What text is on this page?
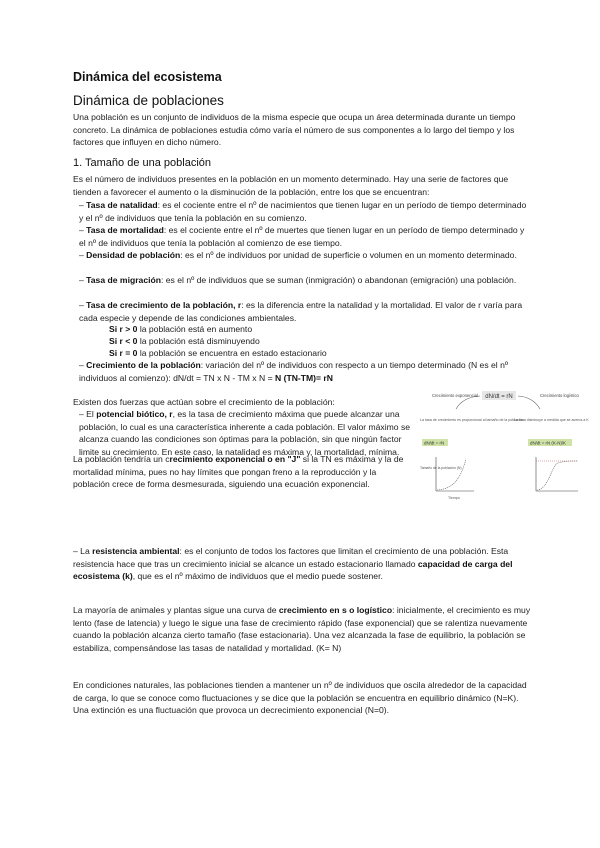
Dinámica del ecosistema
Dinámica de poblaciones
Una población es un conjunto de individuos de la misma especie que ocupa un área determinada durante un tiempo concreto. La dinámica de poblaciones estudia cómo varía el número de sus componentes a lo largo del tiempo y los factores que influyen en dicho número.
1. Tamaño de una población
Es el número de individuos presentes en la población en un momento determinado. Hay una serie de factores que tienden a favorecer el aumento o la disminución de la población, entre los que se encuentran:
‒ Tasa de natalidad: es el cociente entre el nº de nacimientos que tienen lugar en un período de tiempo determinado y el nº de individuos que tenía la población en su comienzo.
‒ Tasa de mortalidad: es el cociente entre el nº de muertes que tienen lugar en un período de tiempo determinado y el nº de individuos que tenía la población al comienzo de ese tiempo.
‒ Densidad de población: es el nº de individuos por unidad de superficie o volumen en un momento determinado.
‒ Tasa de migración: es el nº de individuos que se suman (inmigración) o abandonan (emigración) una población.
‒ Tasa de crecimiento de la población, r: es la diferencia entre la natalidad y la mortalidad. El valor de r varía para cada especie y depende de las condiciones ambientales.
Si r > 0 la población está en aumento
Si r < 0 la población está disminuyendo
Si r = 0 la población se encuentra en estado estacionario
‒ Crecimiento de la población: variación del nº de individuos con respecto a un tiempo determinado (N es el nº individuos al comienzo): dN/dt = TN x N - TM x N = N (TN-TM)= rN
Existen dos fuerzas que actúan sobre el crecimiento de la población:
‒ El potencial biótico, r, es la tasa de crecimiento máxima que puede alcanzar una población, lo cual es una característica inherente a cada población. El valor máximo se alcanza cuando las condiciones son óptimas para la población, sin que ningún factor limite su crecimiento. En este caso, la natalidad es máxima y, la mortalidad, mínima.
La población tendría un crecimiento exponencial o en "J" si la TN es máxima y la de mortalidad mínima, pues no hay límites que pongan freno a la reproducción y la población crece de forma desmesurada, siguiendo una ecuación exponencial.
‒ La resistencia ambiental: es el conjunto de todos los factores que limitan el crecimiento de una población. Esta resistencia hace que tras un crecimiento inicial se alcance un estado estacionario llamado capacidad de carga del ecosistema (k), que es el nº máximo de individuos que el medio puede sostener.
La mayoría de animales y plantas sigue una curva de crecimiento en s o logístico: inicialmente, el crecimiento es muy lento (fase de latencia) y luego le sigue una fase de crecimiento rápido (fase exponencial) que se ralentiza nuevamente cuando la población alcanza cierto tamaño (fase estacionaria). Una vez alcanzada la fase de equilibrio, la población se estabiliza, compensándose las tasas de natalidad y mortalidad. (K= N)
En condiciones naturales, las poblaciones tienden a mantener un nº de individuos que oscila alrededor de la capacidad de carga, lo que se conoce como fluctuaciones y se dice que la población se encuentra en equilibrio dinámico (N=K). Una extinción es una fluctuación que provoca un decrecimiento exponencial (N=0).
dN/dt = rN
Crecimiento exponencial	Crecimiento logístico
La tasa de crecimiento es proporcional al tamaño de la población
La tasa disminuye a medida que se acerca a K
dN/dt = rN	dN/dt = rN (K-N)/K
Tamaño de la población (N)
Tiempo
